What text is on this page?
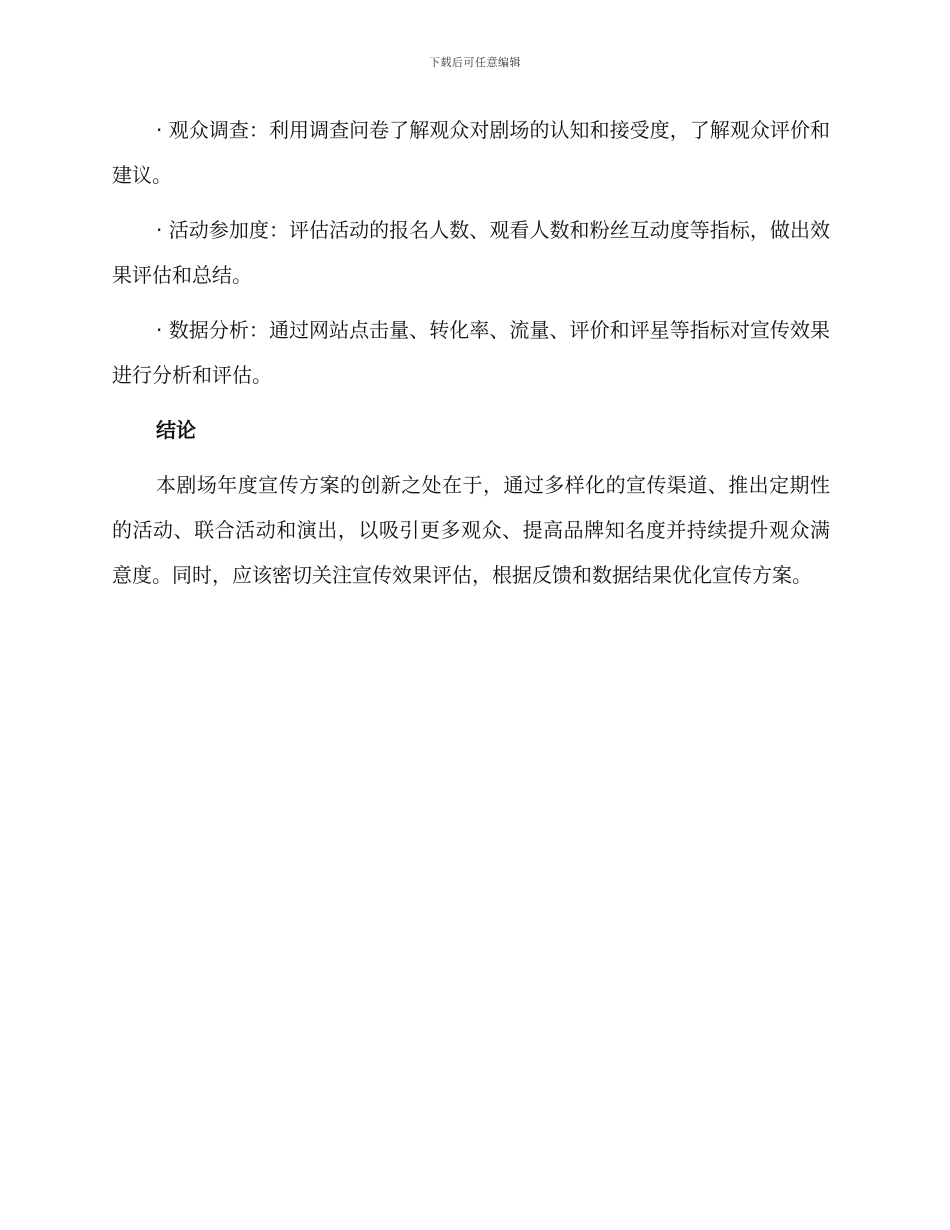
下载后可任意编辑

· 观众调查：利用调查问卷了解观众对剧场的认知和接受度，了解观众评价和建议。

· 活动参加度：评估活动的报名人数、观看人数和粉丝互动度等指标，做出效果评估和总结。

· 数据分析：通过网站点击量、转化率、流量、评价和评星等指标对宣传效果进行分析和评估。

结论

本剧场年度宣传方案的创新之处在于，通过多样化的宣传渠道、推出定期性的活动、联合活动和演出，以吸引更多观众、提高品牌知名度并持续提升观众满意度。同时，应该密切关注宣传效果评估，根据反馈和数据结果优化宣传方案。
